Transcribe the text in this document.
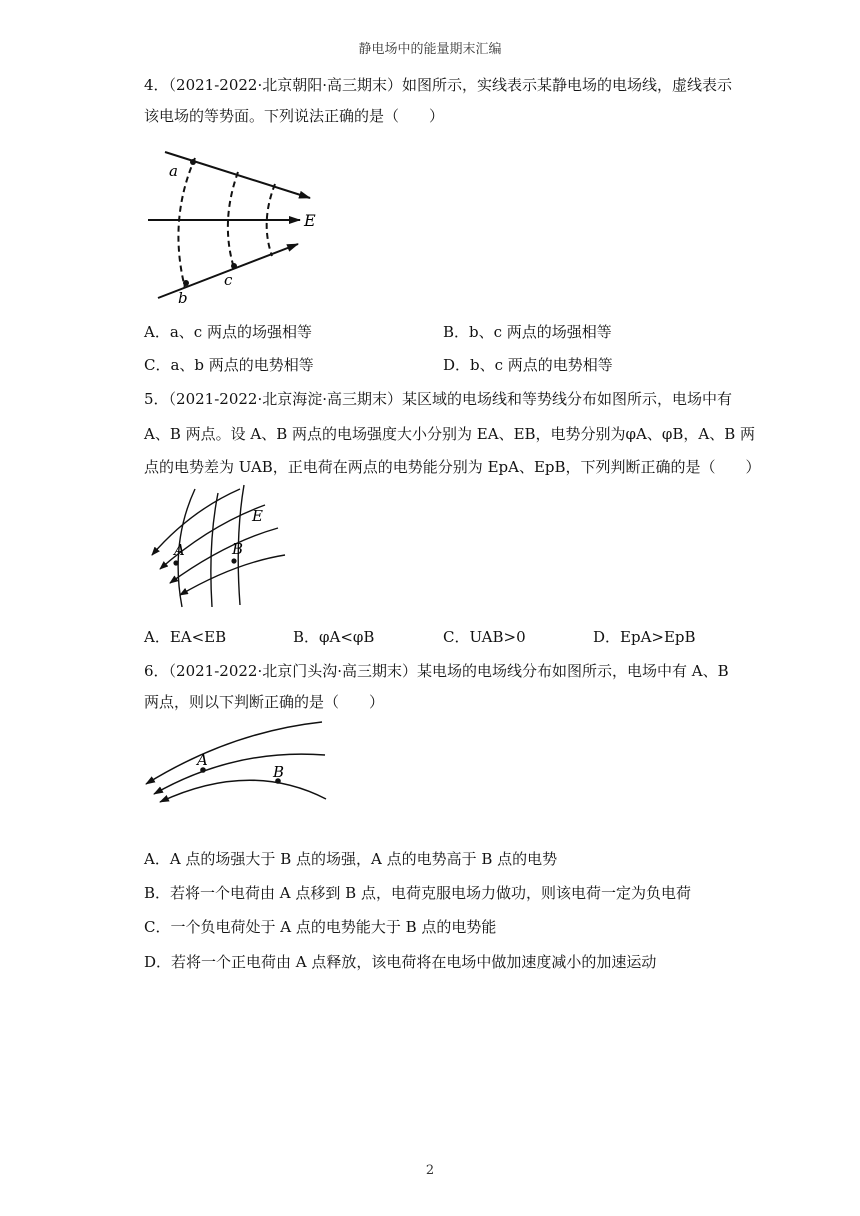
静电场中的能量期末汇编
4．（2021-2022·北京朝阳·高三期末）如图所示，实线表示某静电场的电场线，虚线表示
该电场的等势面。下列说法正确的是（　　）
a
b
c
E
A．a、c 两点的场强相等	B．b、c 两点的场强相等
C．a、b 两点的电势相等	D．b、c 两点的电势相等
5．（2021-2022·北京海淀·高三期末）某区域的电场线和等势线分布如图所示，电场中有
A、B 两点。设 A、B 两点的电场强度大小分别为 EA、EB，电势分别为φA、φB，A、B 两
点的电势差为 UAB，正电荷在两点的电势能分别为 EpA、EpB，下列判断正确的是（　　）
A	B
E
A．EA<EB	B．φA<φB	C．UAB>0	D．EpA>EpB
6．（2021-2022·北京门头沟·高三期末）某电场的电场线分布如图所示，电场中有 A、B
两点，则以下判断正确的是（　　）
A
B
A．A 点的场强大于 B 点的场强，A 点的电势高于 B 点的电势
B．若将一个电荷由 A 点移到 B 点，电荷克服电场力做功，则该电荷一定为负电荷
C．一个负电荷处于 A 点的电势能大于 B 点的电势能
D．若将一个正电荷由 A 点释放，该电荷将在电场中做加速度减小的加速运动
2
